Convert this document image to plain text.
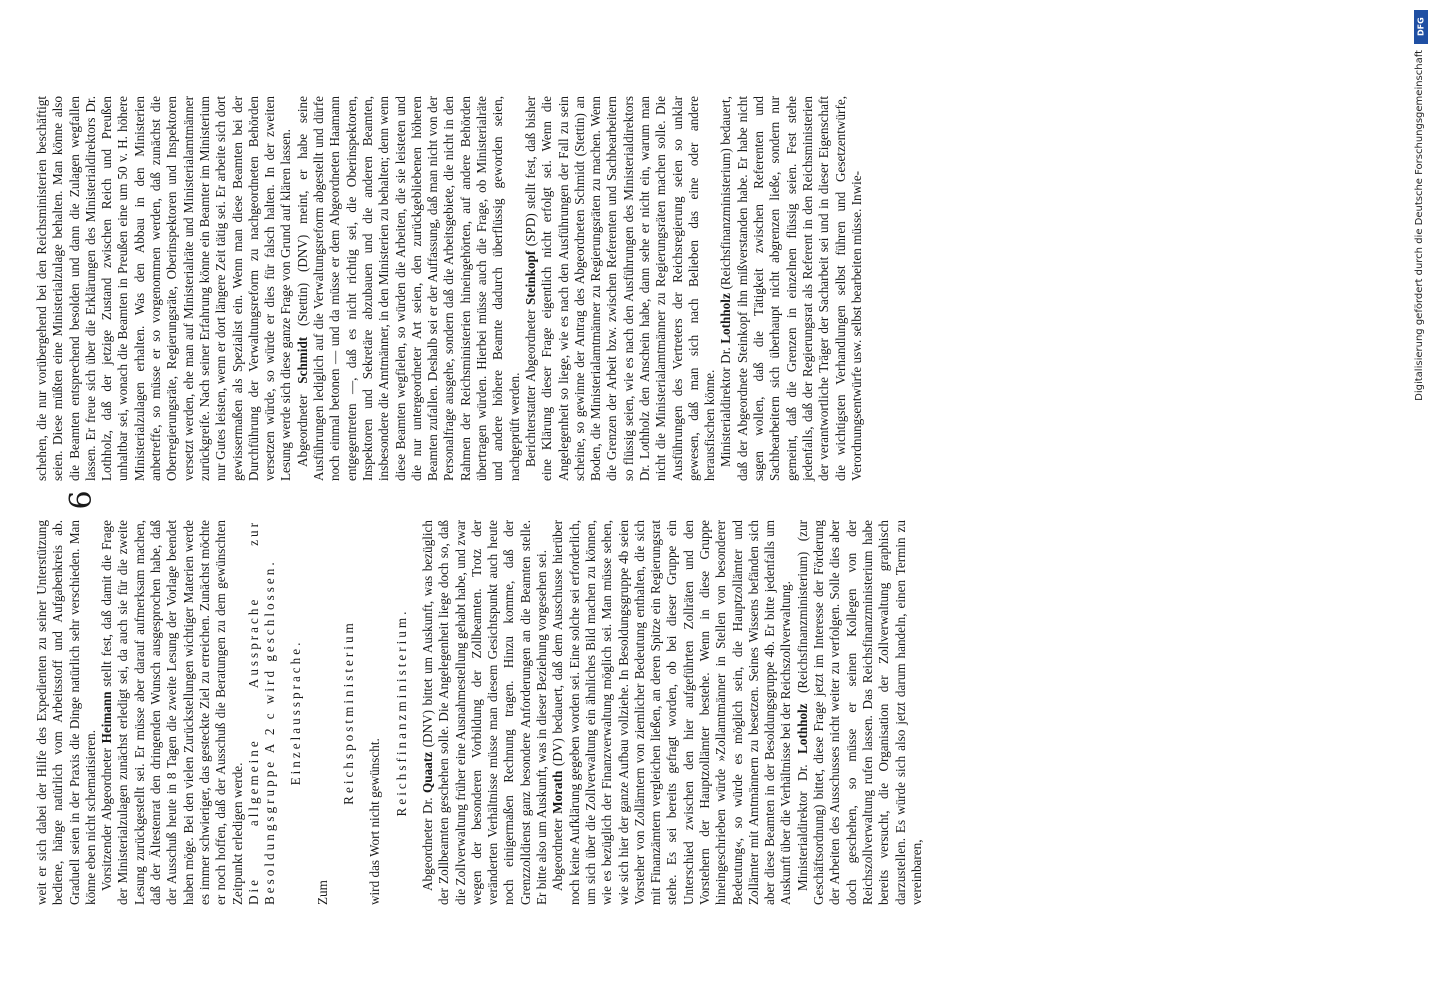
6

schehen, die nur vorübergehend bei den Reichsministerien beschäftigt seien. Diese müßten eine Ministerialzulage behalten. Man könne also die Beamten entsprechend besolden und dann die Zulagen wegfallen lassen. Er freue sich über die Erklärungen des Ministerialdirektors Dr. Lothholz, daß der jetzige Zustand zwischen Reich und Preußen unhaltbar sei, wonach die Beamten in Preußen eine um 50 v. H. höhere Ministerialzulagen erhalten. Was den Abbau in den Ministerien anbetreffe, so müsse er so vorgenommen werden, daß zunächst die Oberregierungsräte, Regierungsräte, Oberinspektoren und Inspektoren versetzt werden, ehe man auf Ministerialräte und Ministerialamtmänner zurückgreife. Nach seiner Erfahrung könne ein Beamter im Ministerium nur Gutes leisten, wenn er dort längere Zeit tätig sei. Er arbeite sich dort gewissermaßen als Spezialist ein. Wenn man diese Beamten bei der Durchführung der Verwaltungsreform zu nachgeordneten Behörden versetzen würde, so würde er dies für falsch halten. In der zweiten Lesung werde sich diese ganze Frage von Grund auf klären lassen. Abgeordneter Schmidt (Stettin) (DNV) meint, er habe seine Ausführungen lediglich auf die Verwaltungsreform abgestellt und dürfe noch einmal betonen — und da müsse er dem Abgeordneten Haamann entgegentreten —, daß es nicht richtig sei, die Oberinspektoren, Inspektoren und Sekretäre abzubauen und die anderen Beamten, insbesondere die Amtmänner, in den Ministerien zu behalten; denn wenn diese Beamten wegfielen, so würden die Arbeiten, die sie leisteten und die nur untergeordneter Art seien, den zurückgebliebenen höheren Beamten zufallen. Deshalb sei er der Auffassung, daß man nicht von der Personalfrage ausgehe, sondern daß die Arbeitsgebiete, die nicht in den Rahmen der Reichsministerien hineingehörten, auf andere Behörden übertragen würden. Hierbei müsse auch die Frage, ob Ministerialräte und andere höhere Beamte dadurch überflüssig geworden seien, nachgeprüft werden. Berichterstatter Abgeordneter Steinkopf (SPD) stellt fest, daß bisher eine Klärung dieser Frage eigentlich nicht erfolgt sei. Wenn die Angelegenheit so liege, wie es nach den Ausführungen der Fall zu sein scheine, so gewinne der Antrag des Abgeordneten Schmidt (Stettin) an Boden, die Ministerialamtmänner zu Regierungsräten zu machen. Wenn die Grenzen der Arbeit bzw. zwischen Referenten und Sachbearbeitern so flüssig seien, wie es nach den Ausführungen des Ministerialdirektors Dr. Lothholz den Anschein habe, dann sehe er nicht ein, warum man nicht die Ministerialamtmänner zu Regierungsräten machen solle. Die Ausführungen des Vertreters der Reichsregierung seien so unklar gewesen, daß man sich nach Belieben das eine oder andere herausfischen könne. Ministerialdirektor Dr. Lothholz (Reichsfinanzministerium) bedauert, daß der Abgeordnete Steinkopf ihn mißverstanden habe. Er habe nicht sagen wollen, daß die Tätigkeit zwischen Referenten und Sachbearbeitern sich überhaupt nicht abgrenzen ließe, sondern nur gemeint, daß die Grenzen in einzelnen flüssig seien. Fest stehe jedenfalls, daß der Regierungsrat als Referent in den Reichsministerien der verantwortliche Träger der Sacharbeit sei und in dieser Eigenschaft die wichtigsten Verhandlungen selbst führen und Gesetzentwürfe, Verordnungsentwürfe usw. selbst bearbeiten müsse. Inwie-

weit er sich dabei der Hilfe des Expedienten zu seiner Unterstützung bediene, hänge natürlich vom Arbeitsstoff und Aufgabenkreis ab. Graduell seien in der Praxis die Dinge natürlich sehr verschieden. Man könne eben nicht schematisieren. Vorsitzender Abgeordneter Heimann stellt fest, daß damit die Frage der Ministerialzulagen zunächst erledigt sei, da auch sie für die zweite Lesung zurückgestellt sei. Er müsse aber darauf aufmerksam machen, daß der Ältestenrat den dringenden Wunsch ausgesprochen habe, daß der Ausschuß heute in 8 Tagen die zweite Lesung der Vorlage beendet haben möge. Bei den vielen Zurückstellungen wichtiger Materien werde es immer schwieriger, das gesteckte Ziel zu erreichen. Zunächst möchte er noch hoffen, daß der Ausschuß die Beratungen zu dem gewünschten Zeitpunkt erledigen werde. Die allgemeine Aussprache zur Besoldungsgruppe A 2 c wird geschlossen. Einzelaussprache.

Zum

Reichspostministerium

wird das Wort nicht gewünscht.

Reichsfinanzministerium.

Abgeordneter Dr. Quaatz (DNV) bittet um Auskunft, was bezüglich der Zollbeamten geschehen solle. Die Angelegenheit liege doch so, daß die Zollverwaltung früher eine Ausnahmestellung gehabt habe, und zwar wegen der besonderen Vorbildung der Zollbeamten. Trotz der veränderten Verhältnisse müsse man diesem Gesichtspunkt auch heute noch einigermaßen Rechnung tragen. Hinzu komme, daß der Grenzzolldienst ganz besondere Anforderungen an die Beamten stelle. Er bitte also um Auskunft, was in dieser Beziehung vorgesehen sei. Abgeordneter Morath (DV) bedauert, daß dem Ausschusse hierüber noch keine Aufklärung gegeben worden sei. Eine solche sei erforderlich, um sich über die Zollverwaltung ein ähnliches Bild machen zu können, wie es bezüglich der Finanzverwaltung möglich sei. Man müsse sehen, wie sich hier der ganze Aufbau vollziehe. In Besoldungsgruppe 4b seien Vorsteher von Zollämtern von ziemlicher Bedeutung enthalten, die sich mit Finanzämtern vergleichen ließen, an deren Spitze ein Regierungsrat stehe. Es sei bereits gefragt worden, ob bei dieser Gruppe ein Unterschied zwischen den hier aufgeführten Zollräten und den Vorstehern der Hauptzollämter bestehe. Wenn in diese Gruppe hineingeschrieben würde »Zollamtmänner in Stellen von besonderer Bedeutung«, so würde es möglich sein, die Hauptzollämter und Zollämter mit Amtmännern zu besetzen. Seines Wissens befänden sich aber diese Beamten in der Besoldungsgruppe 4b. Er bitte jedenfalls um Auskunft über die Verhältnisse bei der Reichszollverwaltung. Ministerialdirektor Dr. Lothholz (Reichsfinanzministerium) (zur Geschäftsordnung) bittet, diese Frage jetzt im Interesse der Förderung der Arbeiten des Ausschusses nicht weiter zu verfolgen. Solle dies aber doch geschehen, so müsse er seinen Kollegen von der Reichszollverwaltung rufen lassen. Das Reichsfinanzministerium habe bereits versucht, die Organisation der Zollverwaltung graphisch darzustellen. Es würde sich also jetzt darum handeln, einen Termin zu vereinbaren,

DFG
Digitalisierung gefördert durch die Deutsche Forschungsgemeinschaft
